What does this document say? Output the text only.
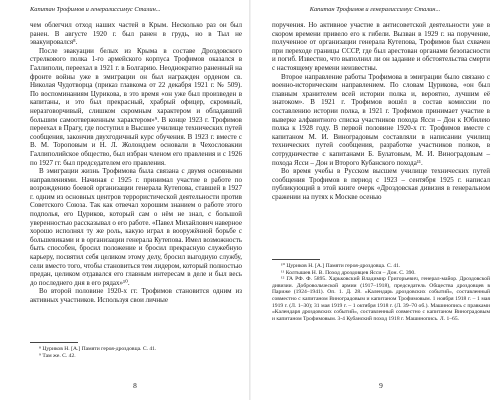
Капитан Трофимов и генералиссимус Сталин...

чем облегчил отход наших частей в Крым. Несколько раз он был ранен. В августе 1920 г. был ранен в грудь, но в Тыл не эвакуировался⁸.

После эвакуации белых из Крыма в составе Дроздовского стрелкового полка 1-го армейского корпуса Трофимов оказался в Галлиполи, переехал в 1921 г. в Болгарию. Неоднократно раненный на фронте войны уже в эмиграции он был награжден орденом св. Николая Чудотворца (приказ главкома от 22 декабря 1921 г. № 509). По воспоминаниям Цурикова, в это время «он уже был произведен в капитаны, и это был прекрасный, храбрый офицер, скромный, неразговорчивый, слишком скромным характером и обладавший большим самоотверженным характером»⁹. В конце 1923 г. Трофимов переехал в Прагу, где поступил в Высшее училище технических путей сообщения, закончив двухгодичный курс обучения. В 1923 г. вместе с В. М. Тороповым и Н. Л. Жолондзем основали в Чехословакии Галлиполийское общество, был избран членом его правления и с 1926 по 1927 гг. был председателем его правления.

В эмиграции жизнь Трофимова была связана с двумя основными направлениями. Начиная с 1925 г. принимал участие в работе по возрождению боевой организации генерала Кутепова, ставшей в 1927 г. одним из основных центров террористической деятельности против Советского Союза. Так как отвечал хорошим знанием о работе этого подполья, его Цуриков, который сам о нём не знал, с большой уверенностью рассказывал о его работе. «Павел Михайлович наверное хорошо исполнял ту же роль, какую играл в вооружённой борьбе с большевиками и в организации генерала Кутепова. Имел возможность быть способен, бросил положение и бросил прекрасную служебную карьеру, посвятил себя целиком этому делу, бросил выгодную службу, сели вместо того, чтобы становиться тем лидером, который полностью предан, целиком отдавался его главным интересам в деле и был весь до последнего дня в его рядах»¹⁰.

Во второй половине 1920-х гг. Трофимов становится одним из активных участников. Используя свои личные

⁸ Цуриков Н. [А.] Памяти героя-дроздовца. С. 41.

⁹ Там же. С. 42.

8
Капитан Трофимов и генералиссимус Сталин...

поручения. Но активное участие в антисоветской деятельности уже в скором времени привело его к гибели. Вызван в 1929 г. на поручение, полученное от организации генерала Кутепова, Трофимов был схвачен при переходе границы СССР, где был арестован органами безопасности и погиб. Известно, что выполнил ли он задание и обстоятельства смерти с настоящему времени неизвестны.

Второе направление работы Трофимова в эмиграции было связано с военно-историческим направлением. По словам Цурикова, «он был главным хранителем всей истории полка и, вероятно, лучшим её знатоком». В 1921 г. Трофимов вошёл в состав комиссии по составлению истории полка, в 1921 г. Трофимов принимает участие в выверке алфавитного списка участников похода Ясси – Дон к Юбилею полка к 1928 году. В первой половине 1920-х гг. Трофимов вместе с капитаном М. И. Виноградовым составляли в написании училищ технических путей сообщения, разработке участников полков, в сотрудничестве с капитанами Б. Булатовым, М. И. Виноградовым – похода Ясси – Дон и Второго Кубанского похода¹¹.

Во время учебы в Русском высшем училище технических путей сообщения Трофимов в период с 1923 – сентября 1925 г. написал публикующий в этой книге очерк «Дроздовская дивизия в генеральном сражении на путях к Москве осенью

¹⁰ Цуриков Н. [А.] Памяти героя-дроздовца. С. 41.

¹¹ Колтышев Н. В. Поход дроздовцев Ясси – Дон. С. 390.

¹² ГА РФ. Ф. 5895. Харьковский Владимир Григорьевич, генерал-майор. Дроздовской дивизии. Добровольческой армии (1917–1918), председатель Общества дроздовцев в Париже (1924–1941). Оп. 1. Д. 28. «Календарь дроздовских событий», составленный совместно с капитаном Виноградовым и капитаном Трофимовым. 1 ноября 1918 г. – 1 мая 1919 г. (Л. 1–30); 31 мая 1919 г. – 1 октября 1918 г. (Л. 39–70 об.). Машинопись с правками «Календаря дроздовских событий», составленный совместно с капитаном Виноградовым и капитаном Трофимовым. 3-4 Кубанский поход 1918 г. Машинопись. Л. 1–65.

9
